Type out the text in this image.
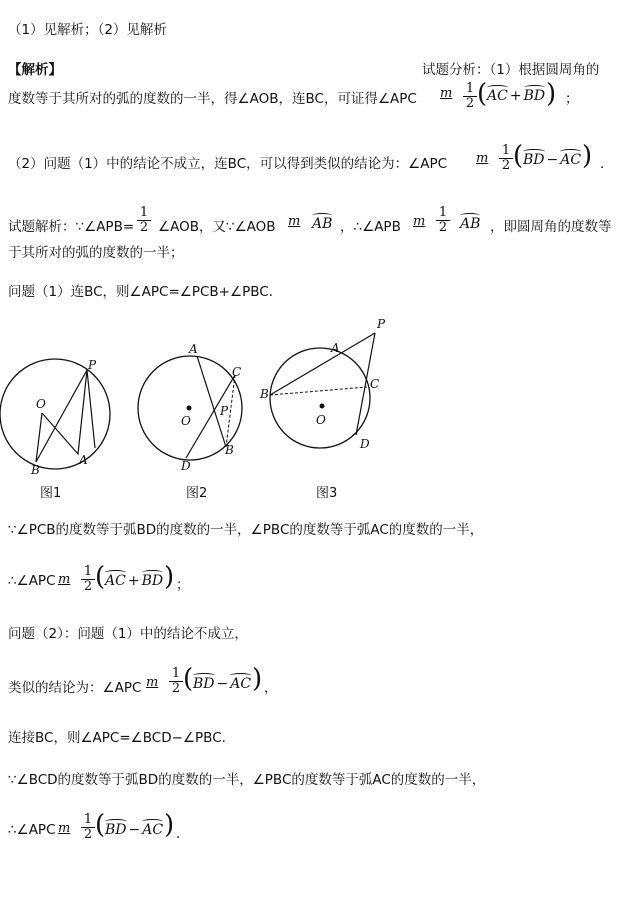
（1）见解析；（2）见解析
【解析】	试题分析：（1）根据圆周角的
度数等于其所对的弧的度数的一半，得∠AOB，连BC，可证得∠APC m $\frac{1}{2}$ ( AC + BD ) ；
（2）问题（1）中的结论不成立，连BC，可以得到类似的结论为：∠APC m $\frac{1}{2}$ ( BD − AC ) ．
试题解析：∵∠APB= $\frac{1}{2}$ ∠AOB，又∵∠AOB m AB ，∴∠APB m $\frac{1}{2}$ AB ，即圆周角的度数等
于其所对的弧的度数的一半；
问题（1）连BC，则∠APC=∠PCB+∠PBC．
O
P
B
A
A
C
P
O
B
D
P
A
C
B
O
D
图1	图2	图3
∵∠PCB的度数等于弧BD的度数的一半，∠PBC的度数等于弧AC的度数的一半，
∴∠APC m $\frac{1}{2}$ ( AC + BD ) ；
问题（2）：问题（1）中的结论不成立，
类似的结论为：∠APC m $\frac{1}{2}$ ( BD − AC ) ，
连接BC，则∠APC=∠BCD−∠PBC．
∵∠BCD的度数等于弧BD的度数的一半，∠PBC的度数等于弧AC的度数的一半，
∴∠APC m $\frac{1}{2}$ ( BD − AC ) ．
